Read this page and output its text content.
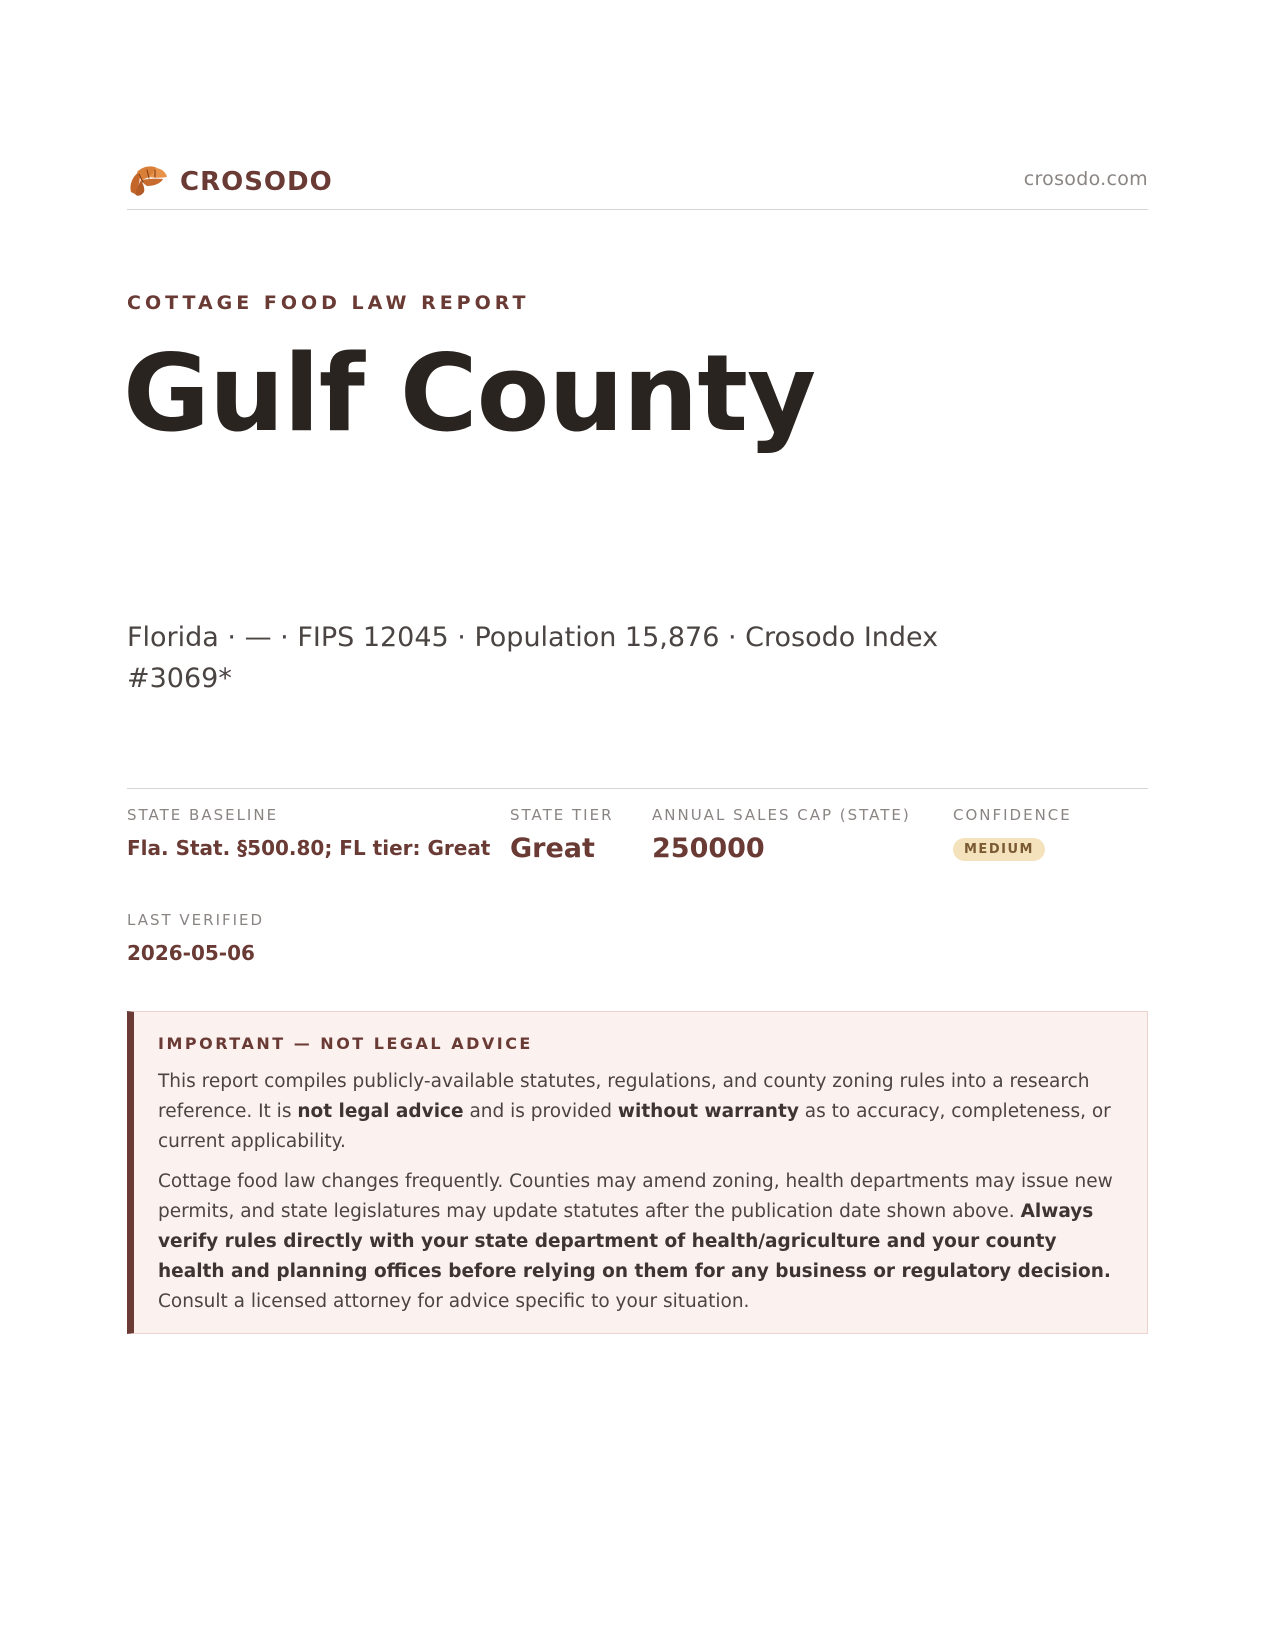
CROSODO	crosodo.com
COTTAGE FOOD LAW REPORT
Gulf County
Florida · — · FIPS 12045 · Population 15,876 · Crosodo Index #3069*
STATE BASELINE
Fla. Stat. §500.80; FL tier: Great
STATE TIER
Great
ANNUAL SALES CAP (STATE)
250000
CONFIDENCE
MEDIUM
LAST VERIFIED
2026-05-06
IMPORTANT — NOT LEGAL ADVICE

This report compiles publicly-available statutes, regulations, and county zoning rules into a research reference. It is not legal advice and is provided without warranty as to accuracy, completeness, or current applicability.

Cottage food law changes frequently. Counties may amend zoning, health departments may issue new permits, and state legislatures may update statutes after the publication date shown above. Always verify rules directly with your state department of health/agriculture and your county health and planning offices before relying on them for any business or regulatory decision. Consult a licensed attorney for advice specific to your situation.
